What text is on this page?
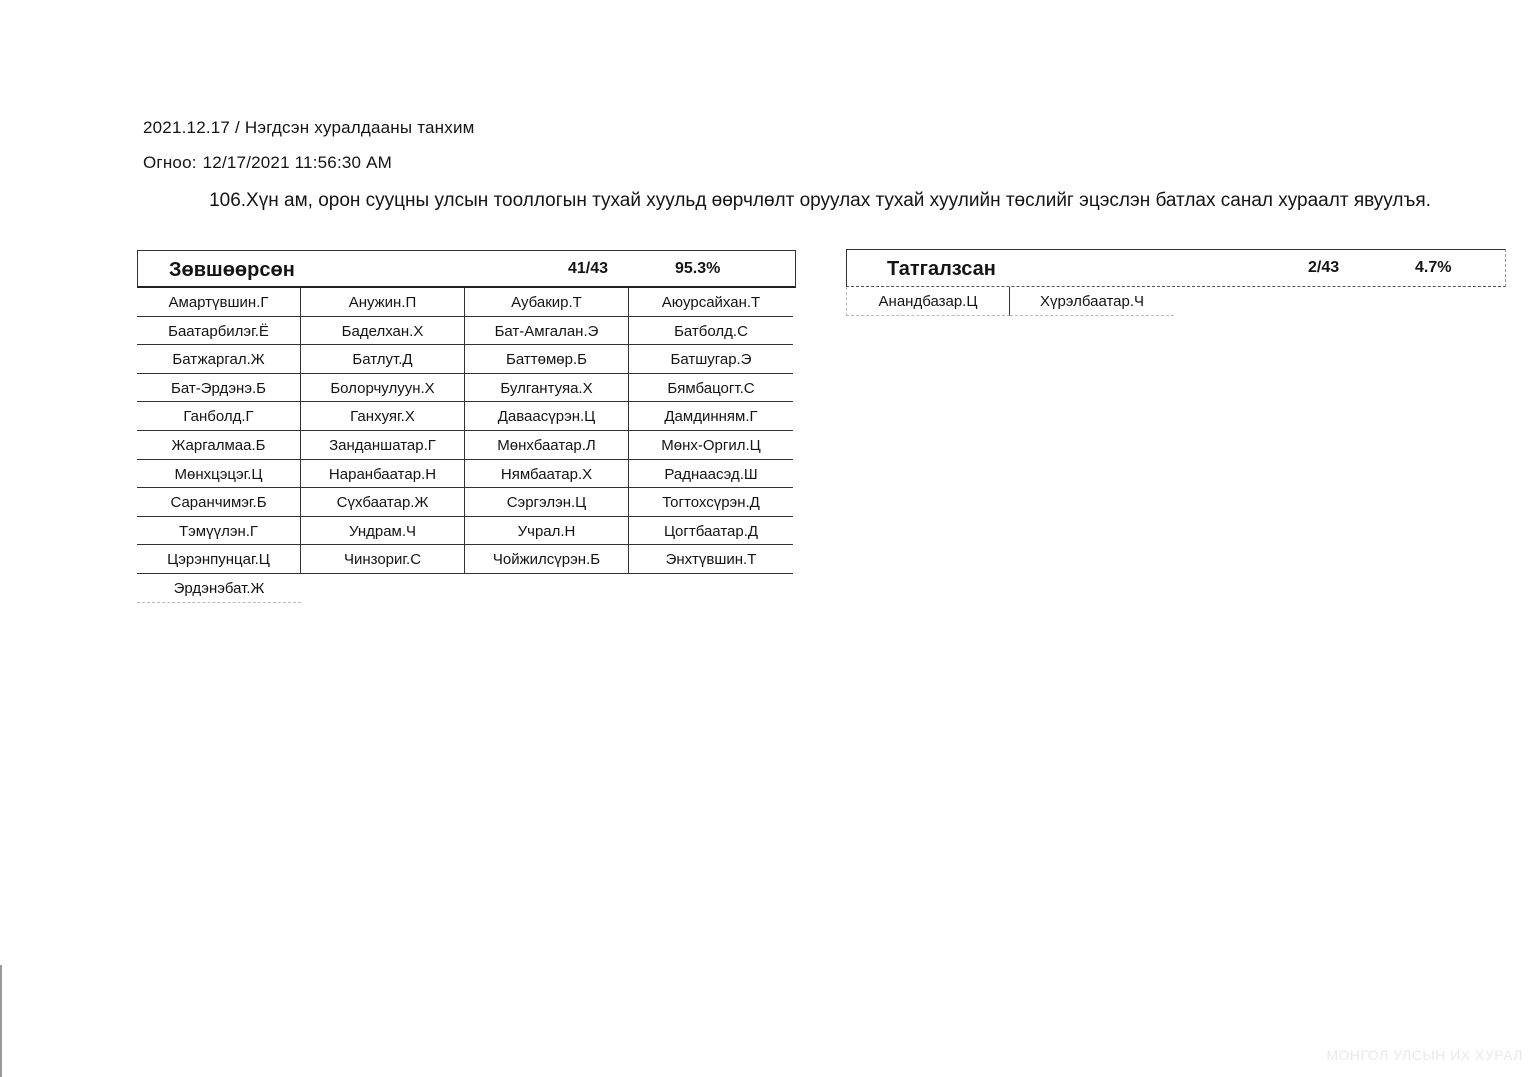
2021.12.17 / Нэгдсэн хуралдааны танхим
Огноо: 12/17/2021 11:56:30 AM
106.Хүн ам, орон сууцны улсын тооллогын тухай хуульд өөрчлөлт оруулах тухай хуулийн төслийг эцэслэн батлах санал хураалт явуулъя.
Зөвшөөрсөн	41/43	95.3%
Амартүвшин.Г	Анужин.П	Аубакир.Т	Аюурсайхан.Т
Баатарбилэг.Ё	Баделхан.Х	Бат-Амгалан.Э	Батболд.С
Батжаргал.Ж	Батлут.Д	Баттөмөр.Б	Батшугар.Э
Бат-Эрдэнэ.Б	Болорчулуун.Х	Булгантуяа.Х	Бямбацогт.С
Ганболд.Г	Ганхуяг.Х	Даваасүрэн.Ц	Дамдинням.Г
Жаргалмаа.Б	Занданшатар.Г	Мөнхбаатар.Л	Мөнх-Оргил.Ц
Мөнхцэцэг.Ц	Наранбаатар.Н	Нямбаатар.Х	Раднаасэд.Ш
Саранчимэг.Б	Сүхбаатар.Ж	Сэргэлэн.Ц	Тогтохсүрэн.Д
Тэмүүлэн.Г	Ундрам.Ч	Учрал.Н	Цогтбаатар.Д
Цэрэнпунцаг.Ц	Чинзориг.С	Чойжилсүрэн.Б	Энхтүвшин.Т
Эрдэнэбат.Ж
Татгалзсан	2/43	4.7%
Анандбазар.Ц	Хүрэлбаатар.Ч
МОНГОЛ УЛСЫН ИХ ХУРАЛ
